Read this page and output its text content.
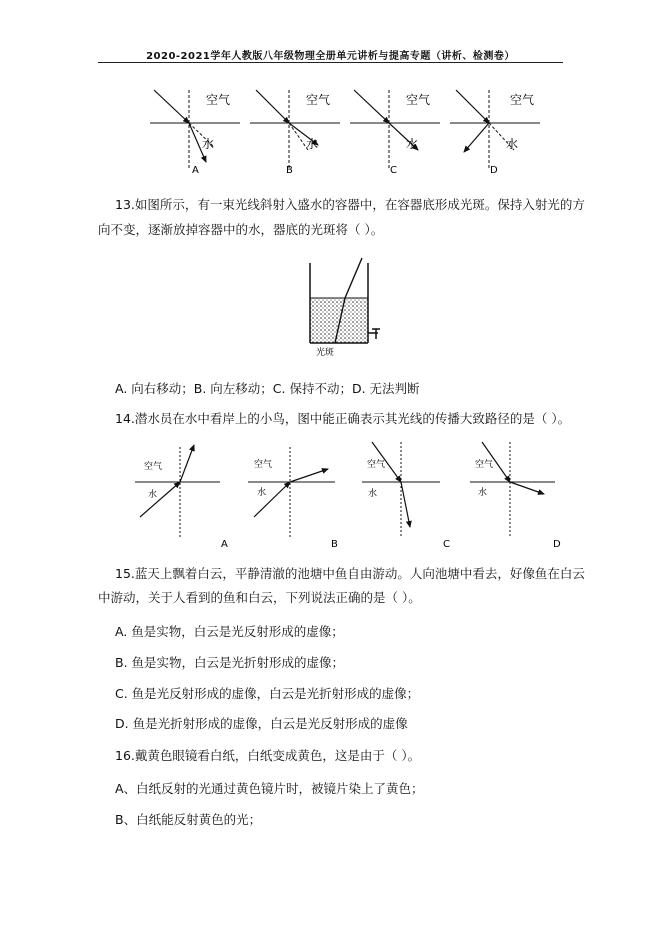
2020-2021学年人教版八年级物理全册单元讲析与提高专题（讲析、检测卷）
空气
水
A
空气
水
B
空气
水
C
空气
水
D
13.如图所示，有一束光线斜射入盛水的容器中，在容器底形成光斑。保持入射光的方
向不变，逐渐放掉容器中的水，器底的光斑将（ ）。
光斑
A. 向右移动；B. 向左移动；C. 保持不动；D. 无法判断
14.潜水员在水中看岸上的小鸟，图中能正确表示其光线的传播大致路径的是（ ）。
空气
水
A
空气
水
B
空气
水
C
空气
水
D
15.蓝天上飘着白云，平静清澈的池塘中鱼自由游动。人向池塘中看去，好像鱼在白云
中游动，关于人看到的鱼和白云，下列说法正确的是（ ）。
A. 鱼是实物，白云是光反射形成的虚像；
B. 鱼是实物，白云是光折射形成的虚像；
C. 鱼是光反射形成的虚像，白云是光折射形成的虚像；
D. 鱼是光折射形成的虚像，白云是光反射形成的虚像
16.戴黄色眼镜看白纸，白纸变成黄色，这是由于（ ）。
A、白纸反射的光通过黄色镜片时，被镜片染上了黄色；
B、白纸能反射黄色的光；
